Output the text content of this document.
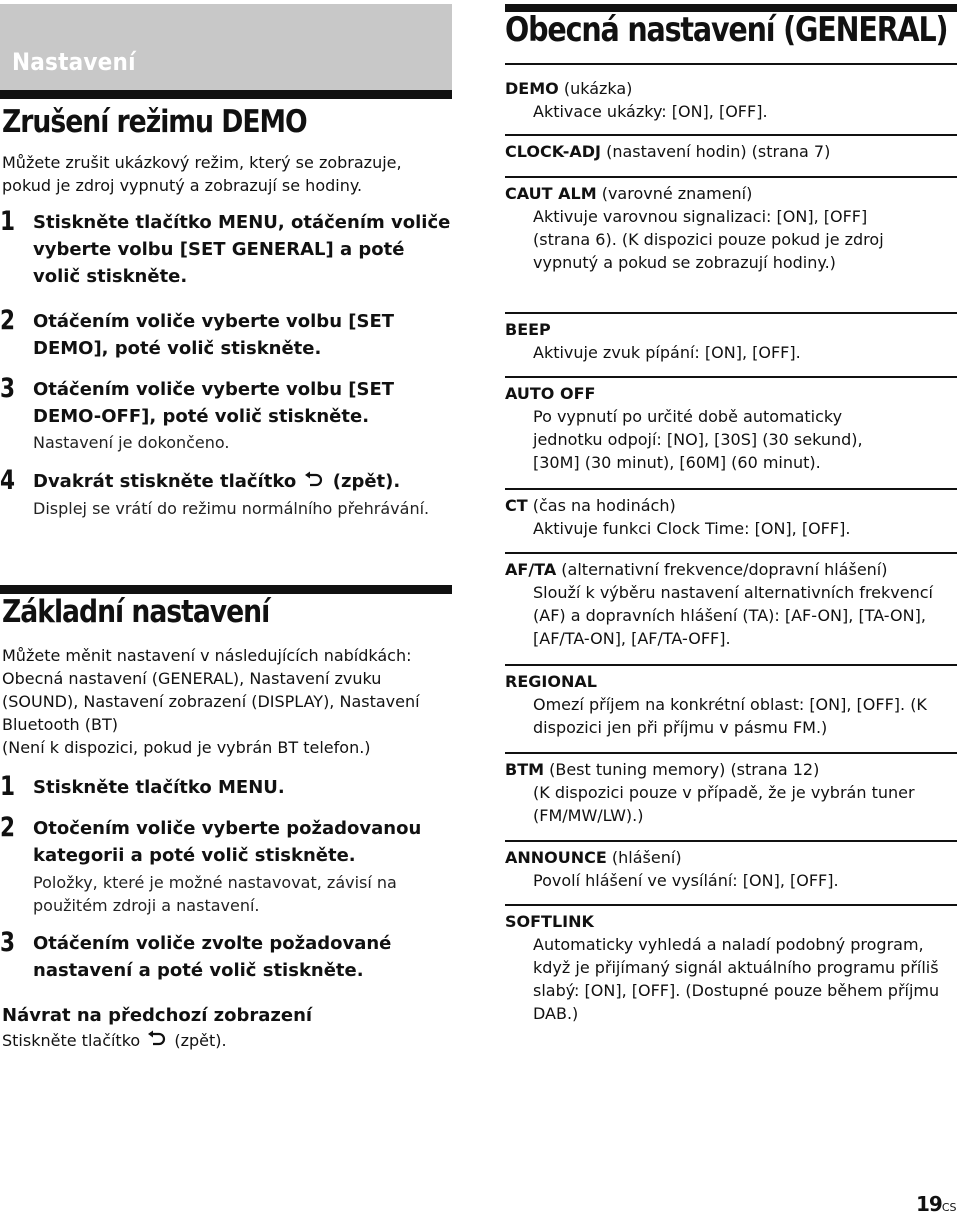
Nastavení
Zrušení režimu DEMO
Můžete zrušit ukázkový režim, který se zobrazuje, pokud je zdroj vypnutý a zobrazují se hodiny.
1 Stiskněte tlačítko MENU, otáčením voliče vyberte volbu [SET GENERAL] a poté volič stiskněte.
2 Otáčením voliče vyberte volbu [SET DEMO], poté volič stiskněte.
3 Otáčením voliče vyberte volbu [SET DEMO-OFF], poté volič stiskněte.
Nastavení je dokončeno.
4 Dvakrát stiskněte tlačítko (zpět).
Displej se vrátí do režimu normálního přehrávání.
Základní nastavení
Můžete měnit nastavení v následujících nabídkách: Obecná nastavení (GENERAL), Nastavení zvuku (SOUND), Nastavení zobrazení (DISPLAY), Nastavení Bluetooth (BT)
(Není k dispozici, pokud je vybrán BT telefon.)
1 Stiskněte tlačítko MENU.
2 Otočením voliče vyberte požadovanou kategorii a poté volič stiskněte.
Položky, které je možné nastavovat, závisí na použitém zdroji a nastavení.
3 Otáčením voliče zvolte požadované nastavení a poté volič stiskněte.
Návrat na předchozí zobrazení
Stiskněte tlačítko (zpět).
Obecná nastavení (GENERAL)
DEMO (ukázka)
Aktivace ukázky: [ON], [OFF].
CLOCK-ADJ (nastavení hodin) (strana 7)
CAUT ALM (varovné znamení)
Aktivuje varovnou signalizaci: [ON], [OFF] (strana 6). (K dispozici pouze pokud je zdroj vypnutý a pokud se zobrazují hodiny.)
BEEP
Aktivuje zvuk pípání: [ON], [OFF].
AUTO OFF
Po vypnutí po určité době automaticky jednotku odpojí: [NO], [30S] (30 sekund), [30M] (30 minut), [60M] (60 minut).
CT (čas na hodinách)
Aktivuje funkci Clock Time: [ON], [OFF].
AF/TA (alternativní frekvence/dopravní hlášení)
Slouží k výběru nastavení alternativních frekvencí (AF) a dopravních hlášení (TA): [AF-ON], [TA-ON], [AF/TA-ON], [AF/TA-OFF].
REGIONAL
Omezí příjem na konkrétní oblast: [ON], [OFF]. (K dispozici jen při příjmu v pásmu FM.)
BTM (Best tuning memory) (strana 12)
(K dispozici pouze v případě, že je vybrán tuner (FM/MW/LW).)
ANNOUNCE (hlášení)
Povolí hlášení ve vysílání: [ON], [OFF].
SOFTLINK
Automaticky vyhledá a naladí podobný program, když je přijímaný signál aktuálního programu příliš slabý: [ON], [OFF]. (Dostupné pouze během příjmu DAB.)
19CS
